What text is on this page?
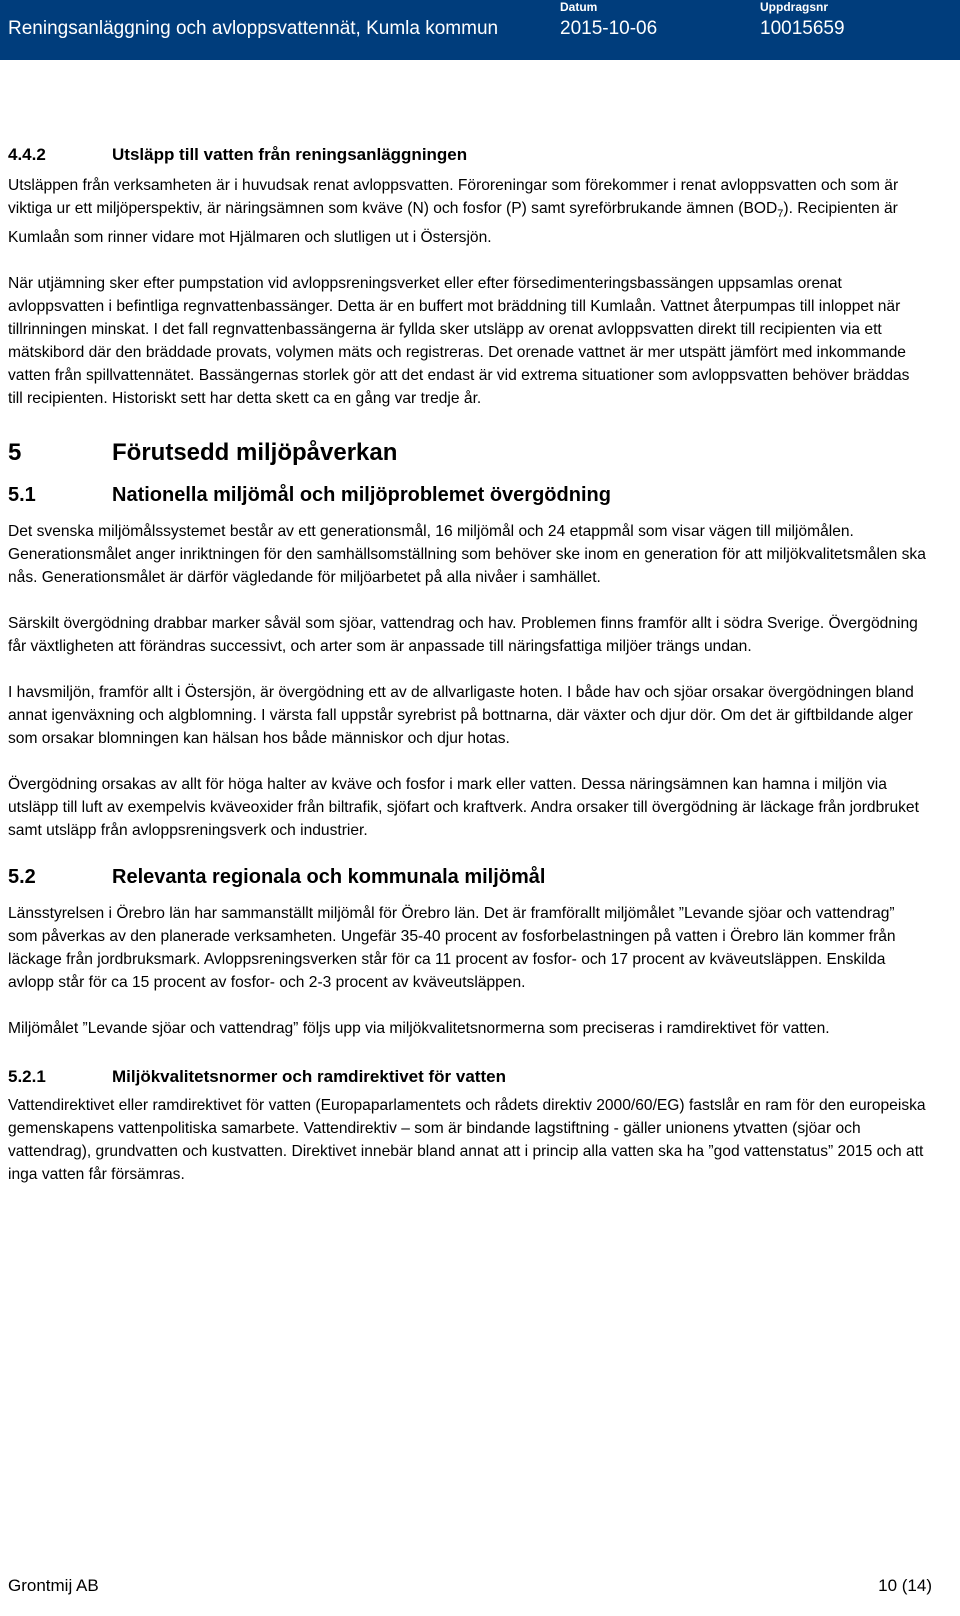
Reningsanläggning och avloppsvattennät, Kumla kommun
Datum
2015-10-06
Uppdragsnr
10015659
4.4.2	Utsläpp till vatten från reningsanläggningen

Utsläppen från verksamheten är i huvudsak renat avloppsvatten. Föroreningar som förekommer i renat avloppsvatten och som är viktiga ur ett miljöperspektiv, är näringsämnen som kväve (N) och fosfor (P) samt syreförbrukande ämnen $(BOD_7)$. Recipienten är Kumlaån som rinner vidare mot Hjälmaren och slutligen ut i Östersjön.

När utjämning sker efter pumpstation vid avloppsreningsverket eller efter försedimenteringsbassängen uppsamlas orenat avloppsvatten i befintliga regnvattenbassänger. Detta är en buffert mot bräddning till Kumlaån. Vattnet återpumpas till inloppet när tillrinningen minskat. I det fall regnvattenbassängerna är fyllda sker utsläpp av orenat avloppsvatten direkt till recipienten via ett mätskibord där den bräddade provats, volymen mäts och registreras. Det orenade vattnet är mer utspätt jämfört med inkommande vatten från spillvattennätet. Bassängernas storlek gör att det endast är vid extrema situationer som avloppsvatten behöver bräddas till recipienten. Historiskt sett har detta skett ca en gång var tredje år.

5	Förutsedd miljöpåverkan
5.1	Nationella miljömål och miljöproblemet övergödning

Det svenska miljömålssystemet består av ett generationsmål, 16 miljömål och 24 etappmål som visar vägen till miljömålen. Generationsmålet anger inriktningen för den samhällsomställning som behöver ske inom en generation för att miljökvalitetsmålen ska nås. Generationsmålet är därför vägledande för miljöarbetet på alla nivåer i samhället.

Särskilt övergödning drabbar marker såväl som sjöar, vattendrag och hav. Problemen finns framför allt i södra Sverige. Övergödning får växtligheten att förändras successivt, och arter som är anpassade till näringsfattiga miljöer trängs undan.

I havsmiljön, framför allt i Östersjön, är övergödning ett av de allvarligaste hoten. I både hav och sjöar orsakar övergödningen bland annat igenväxning och algblomning. I värsta fall uppstår syrebrist på bottnarna, där växter och djur dör. Om det är giftbildande alger som orsakar blomningen kan hälsan hos både människor och djur hotas.

Övergödning orsakas av allt för höga halter av kväve och fosfor i mark eller vatten. Dessa näringsämnen kan hamna i miljön via utsläpp till luft av exempelvis kväveoxider från biltrafik, sjöfart och kraftverk. Andra orsaker till övergödning är läckage från jordbruket samt utsläpp från avloppsreningsverk och industrier.

5.2	Relevanta regionala och kommunala miljömål

Länsstyrelsen i Örebro län har sammanställt miljömål för Örebro län. Det är framförallt miljömålet ”Levande sjöar och vattendrag” som påverkas av den planerade verksamheten. Ungefär 35-40 procent av fosforbelastningen på vatten i Örebro län kommer från läckage från jordbruksmark. Avloppsreningsverken står för ca 11 procent av fosfor- och 17 procent av kväveutsläppen. Enskilda avlopp står för ca 15 procent av fosfor- och 2-3 procent av kväveutsläppen.

Miljömålet ”Levande sjöar och vattendrag” följs upp via miljökvalitetsnormerna som preciseras i ramdirektivet för vatten.

5.2.1	Miljökvalitetsnormer och ramdirektivet för vatten

Vattendirektivet eller ramdirektivet för vatten (Europaparlamentets och rådets direktiv 2000/60/EG) fastslår en ram för den europeiska gemenskapens vattenpolitiska samarbete. Vattendirektiv – som är bindande lagstiftning - gäller unionens ytvatten (sjöar och vattendrag), grundvatten och kustvatten. Direktivet innebär bland annat att i princip alla vatten ska ha ”god vattenstatus” 2015 och att inga vatten får försämras.

Grontmij AB	10 (14)
